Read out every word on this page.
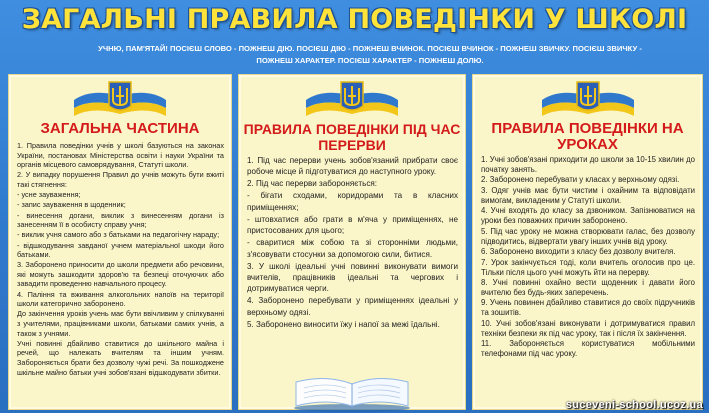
ЗАГАЛЬНІ ПРАВИЛА ПОВЕДІНКИ У ШКОЛІ
УЧНЮ, ПАМ'ЯТАЙ! ПОСІЄШ СЛОВО - ПОЖНЕШ ДІЮ. ПОСІЄШ ДІЮ - ПОЖНЕШ ВЧИНОК. ПОСІЄШ ВЧИНОК - ПОЖНЕШ ЗВИЧКУ. ПОСІЄШ ЗВИЧКУ - ПОЖНЕШ ХАРАКТЕР. ПОСІЄШ ХАРАКТЕР - ПОЖНЕШ ДОЛЮ.
ЗАГАЛЬНА ЧАСТИНА

1. Правила поведінки учнів у школі базуються на законах України, постановах Міністерства освіти і науки України та органів місцевого самоврядування, Статуті школи.

2. У випадку порушення Правил до учнів можуть бути вжиті такі стягнення:

- усне зауваження;

- запис зауваження в щоденник;

- винесення догани, виклик з винесенням догани із занесенням її в особисту справу учня;

- виклик учня самого або з батьками на педагогічну нараду;

- відшкодування завданої учнем матеріальної шкоди його батьками.

3. Заборонено приносити до школи предмети або речовини, які можуть зашкодити здоров'ю та безпеці оточуючих або завадити проведенню навчального процесу.

4. Паління та вживання алкогольних напоїв на території школи категорично заборонено.

До закінчення уроків учень має бути ввічливим у спілкуванні з учителями, працівниками школи, батьками самих учнів, а також з учнями.

Учні повинні дбайливо ставитися до шкільного майна і речей, що належать вчителям та іншим учням. Забороняється брати без дозволу чужі речі. За пошкоджене шкільне майно батьки учні зобов'язані відшкодувати збитки.

ПРАВИЛА ПОВЕДІНКИ ПІД ЧАС ПЕРЕРВИ

1. Під час перерви учень зобов'язаний прибрати своє робоче місце й підготуватися до наступного уроку.

2. Під час перерви забороняється:

- бігати сходами, коридорами та в класних приміщеннях;

- штовхатися або грати в м'яча у приміщеннях, не пристосованих для цього;

- сваритися між собою та зі сторонніми людьми, з'ясовувати стосунки за допомогою сили, битися.

3. У школі ідеальні учні повинні виконувати вимоги вчителів, працівників ідеальні та чергових і дотримуватися черги.

4. Заборонено перебувати у приміщеннях ідеальні у верхньому одязі.

5. Заборонено виносити їжу і напої за межі їдальні.

ПРАВИЛА ПОВЕДІНКИ НА УРОКАХ

1. Учні зобов'язані приходити до школи за 10-15 хвилин до початку занять.

2. Заборонено перебувати у класах у верхньому одязі.

3. Одяг учнів має бути чистим і охайним та відповідати вимогам, викладеним у Статуті школи.

4. Учні входять до класу за дзвоником. Запізнюватися на уроки без поважних причин заборонено.

5. Під час уроку не можна створювати галас, без дозволу підводитись, відвертати увагу інших учнів від уроку.

6. Заборонено виходити з класу без дозволу вчителя.

7. Урок закінчується тоді, коли вчитель оголосив про це. Тільки після цього учні можуть йти на перерву.

8. Учні повинні охайно вести щоденник і давати його вчителю без будь-яких заперечень.

9. Учень повинен дбайливо ставитися до своїх підручників та зошитів.

10. Учні зобов'язані виконувати і дотримуватися правил техніки безпеки як під час уроку, так і після їх закінчення.

11. Забороняється користуватися мобільними телефонами під час уроку.

suceveni-school.ucoz.ua
